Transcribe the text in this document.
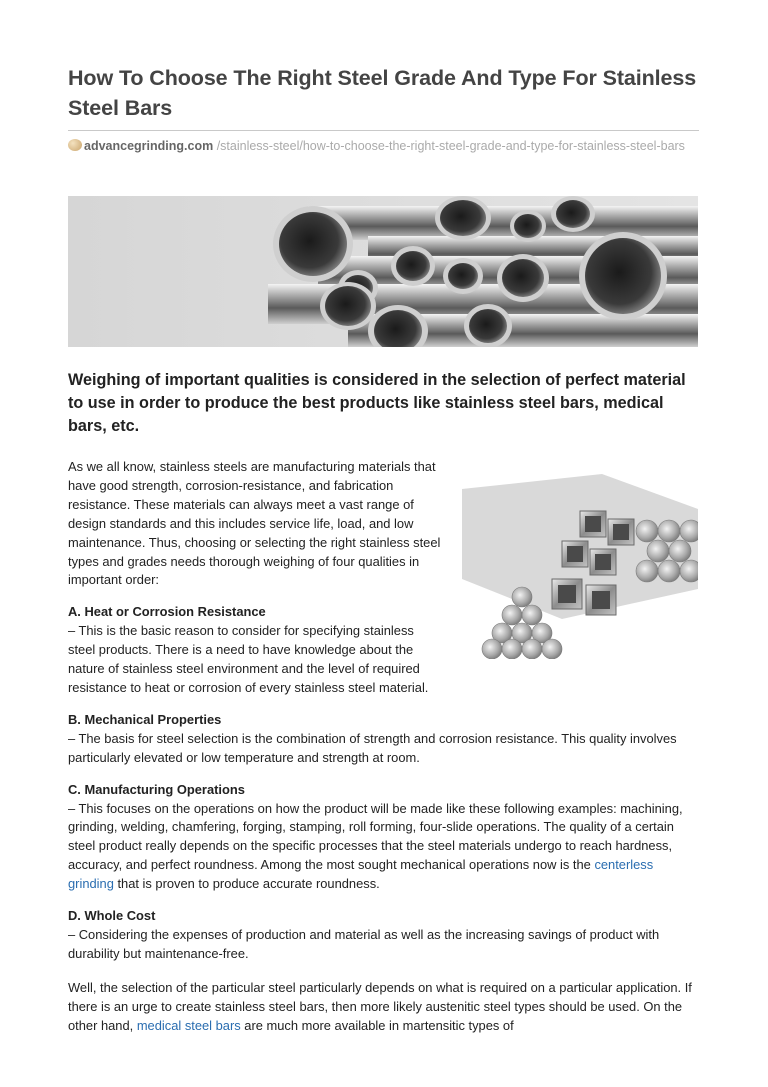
How To Choose The Right Steel Grade And Type For Stainless Steel Bars
advancegrinding.com /stainless-steel/how-to-choose-the-right-steel-grade-and-type-for-stainless-steel-bars

Weighing of important qualities is considered in the selection of perfect material to use in order to produce the best products like stainless steel bars, medical bars, etc.

As we all know, stainless steels are manufacturing materials that have good strength, corrosion-resistance, and fabrication resistance. These materials can always meet a vast range of design standards and this includes service life, load, and low maintenance. Thus, choosing or selecting the right stainless steel types and grades needs thorough weighing of four qualities in important order:

A. Heat or Corrosion Resistance

– This is the basic reason to consider for specifying stainless steel products. There is a need to have knowledge about the nature of stainless steel environment and the level of required resistance to heat or corrosion of every stainless steel material.

B. Mechanical Properties

– The basis for steel selection is the combination of strength and corrosion resistance. This quality involves particularly elevated or low temperature and strength at room.

C. Manufacturing Operations

– This focuses on the operations on how the product will be made like these following examples: machining, grinding, welding, chamfering, forging, stamping, roll forming, four-slide operations. The quality of a certain steel product really depends on the specific processes that the steel materials undergo to reach hardness, accuracy, and perfect roundness. Among the most sought mechanical operations now is the centerless grinding that is proven to produce accurate roundness.

D. Whole Cost

– Considering the expenses of production and material as well as the increasing savings of product with durability but maintenance-free.

Well, the selection of the particular steel particularly depends on what is required on a particular application. If there is an urge to create stainless steel bars, then more likely austenitic steel types should be used. On the other hand, medical steel bars are much more available in martensitic types of
